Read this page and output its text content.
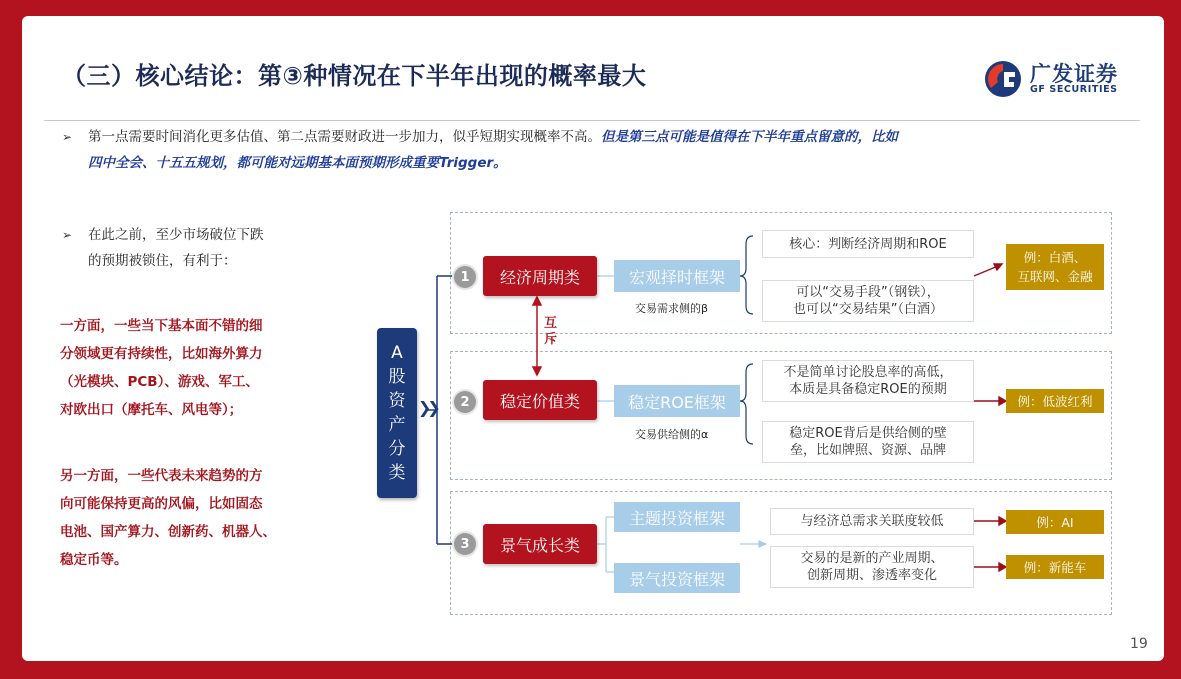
（三）核心结论：第③种情况在下半年出现的概率最大	广发证券
GF SECURITIES
➢ 第一点需要时间消化更多估值、第二点需要财政进一步加力，似乎短期实现概率不高。但是第三点可能是值得在下半年重点留意的，比如
四中全会、十五五规划，都可能对远期基本面预期形成重要Trigger。
➢ 在此之前，至少市场破位下跌
的预期被锁住，有利于：
一方面，一些当下基本面不错的细
分领域更有持续性，比如海外算力
（光模块、PCB）、游戏、军工、
对欧出口（摩托车、风电等）；
另一方面，一些代表未来趋势的方
向可能保持更高的风偏，比如固态
电池、国产算力、创新药、机器人、
稳定币等。
A
股
资
产
分
类
❯❯
互
斥
1	经济周期类	宏观择时框架
交易需求侧的β
核心：判断经济周期和ROE
可以“交易手段”（钢铁），
也可以“交易结果”（白酒）
例：白酒、
互联网、金融
2	稳定价值类	稳定ROE框架
交易供给侧的α
不是简单讨论股息率的高低，
本质是具备稳定ROE的预期
稳定ROE背后是供给侧的壁
垒，比如牌照、资源、品牌
例：低波红利
3	景气成长类
主题投资框架
景气投资框架
与经济总需求关联度较低
交易的是新的产业周期、
创新周期、渗透率变化
例：AI
例：新能车
19
